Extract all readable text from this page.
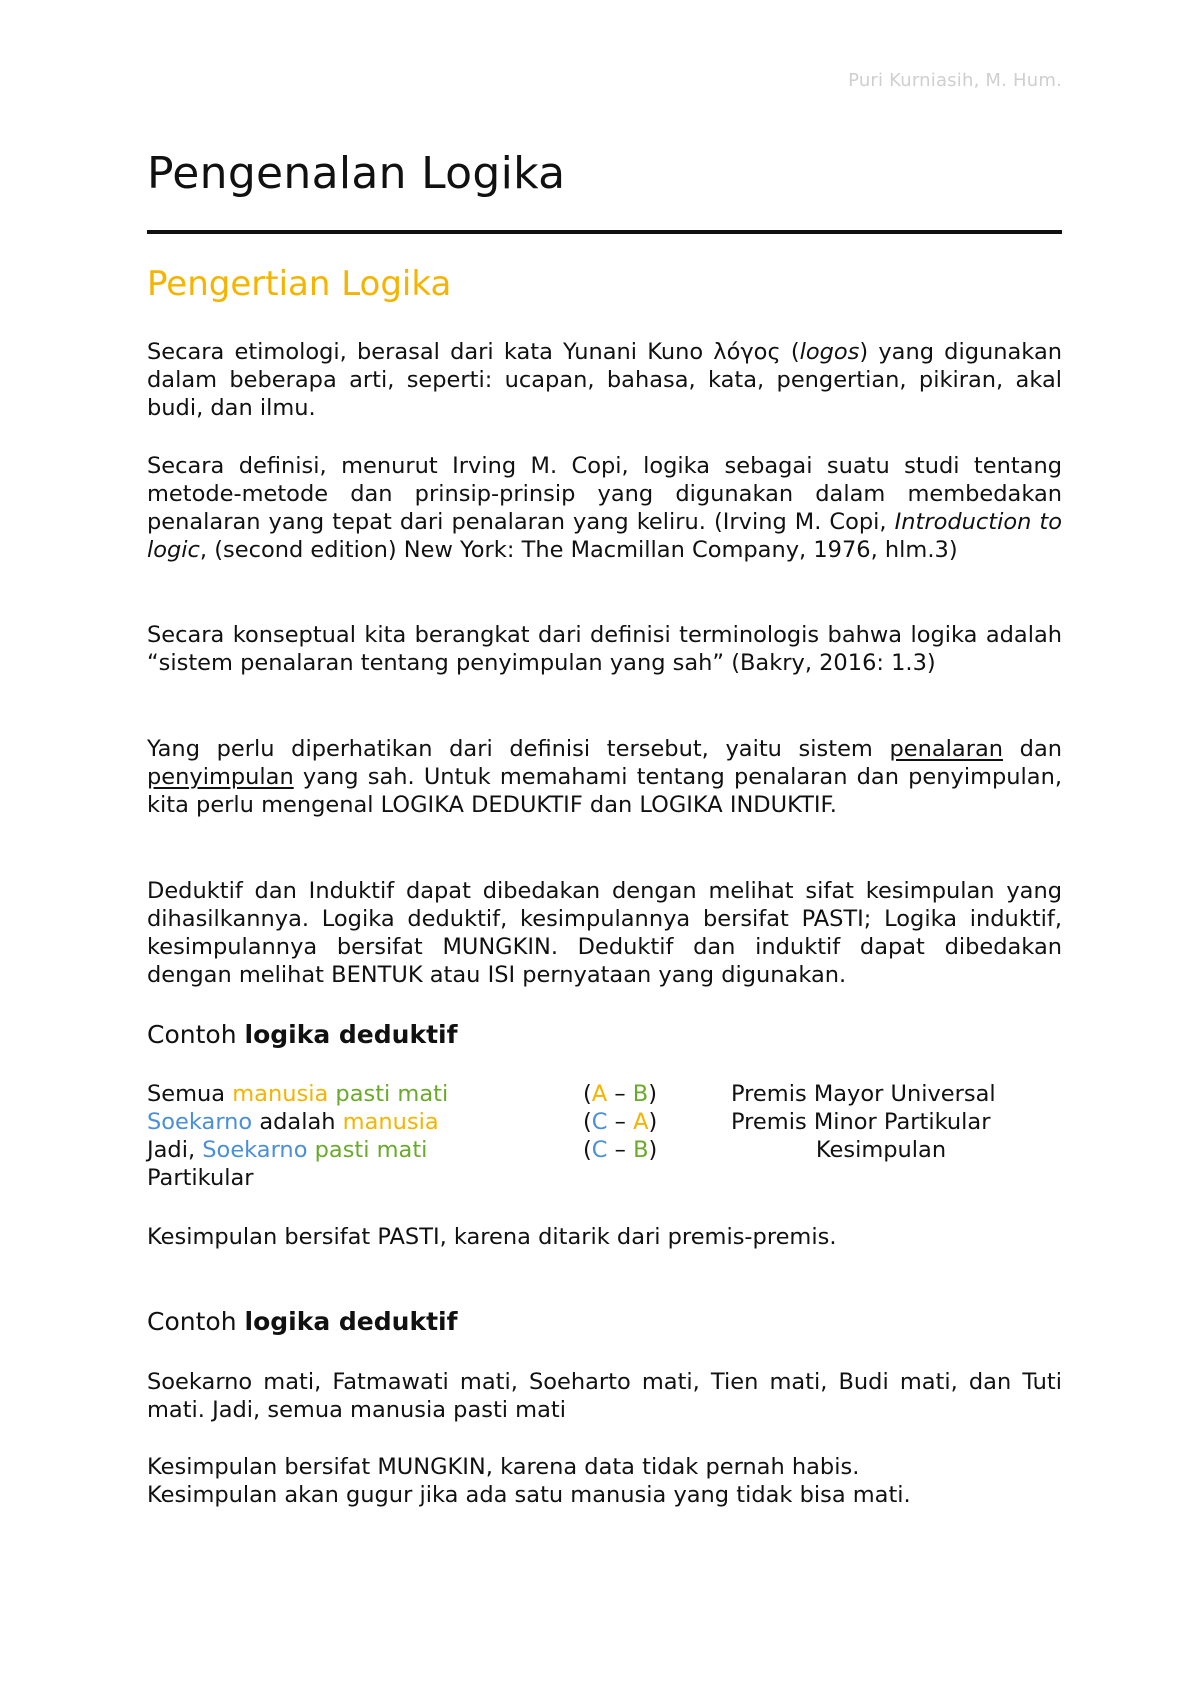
Puri Kurniasih, M. Hum.
Pengenalan Logika
Pengertian Logika

Secara etimologi, berasal dari kata Yunani Kuno λόγος (logos) yang digunakan dalam beberapa arti, seperti: ucapan, bahasa, kata, pengertian, pikiran, akal budi, dan ilmu.

Secara definisi, menurut Irving M. Copi, logika sebagai suatu studi tentang metode-metode dan prinsip-prinsip yang digunakan dalam membedakan penalaran yang tepat dari penalaran yang keliru. (Irving M. Copi, Introduction to logic, (second edition) New York: The Macmillan Company, 1976, hlm.3)

Secara konseptual kita berangkat dari definisi terminologis bahwa logika adalah “sistem penalaran tentang penyimpulan yang sah” (Bakry, 2016: 1.3)

Yang perlu diperhatikan dari definisi tersebut, yaitu sistem penalaran dan penyimpulan yang sah. Untuk memahami tentang penalaran dan penyimpulan, kita perlu mengenal LOGIKA DEDUKTIF dan LOGIKA INDUKTIF.

Deduktif dan Induktif dapat dibedakan dengan melihat sifat kesimpulan yang dihasilkannya. Logika deduktif, kesimpulannya bersifat PASTI; Logika induktif, kesimpulannya bersifat MUNGKIN. Deduktif dan induktif dapat dibedakan dengan melihat BENTUK atau ISI pernyataan yang digunakan.

Contoh logika deduktif
Semua manusia pasti mati	(A – B)	Premis Mayor Universal
Soekarno adalah manusia	(C – A)	Premis Minor Partikular
Jadi, Soekarno pasti mati	(C – B)	Kesimpulan
Partikular

Kesimpulan bersifat PASTI, karena ditarik dari premis-premis.

Contoh logika deduktif

Soekarno mati, Fatmawati mati, Soeharto mati, Tien mati, Budi mati, dan Tuti mati. Jadi, semua manusia pasti mati

Kesimpulan bersifat MUNGKIN, karena data tidak pernah habis.
Kesimpulan akan gugur jika ada satu manusia yang tidak bisa mati.
